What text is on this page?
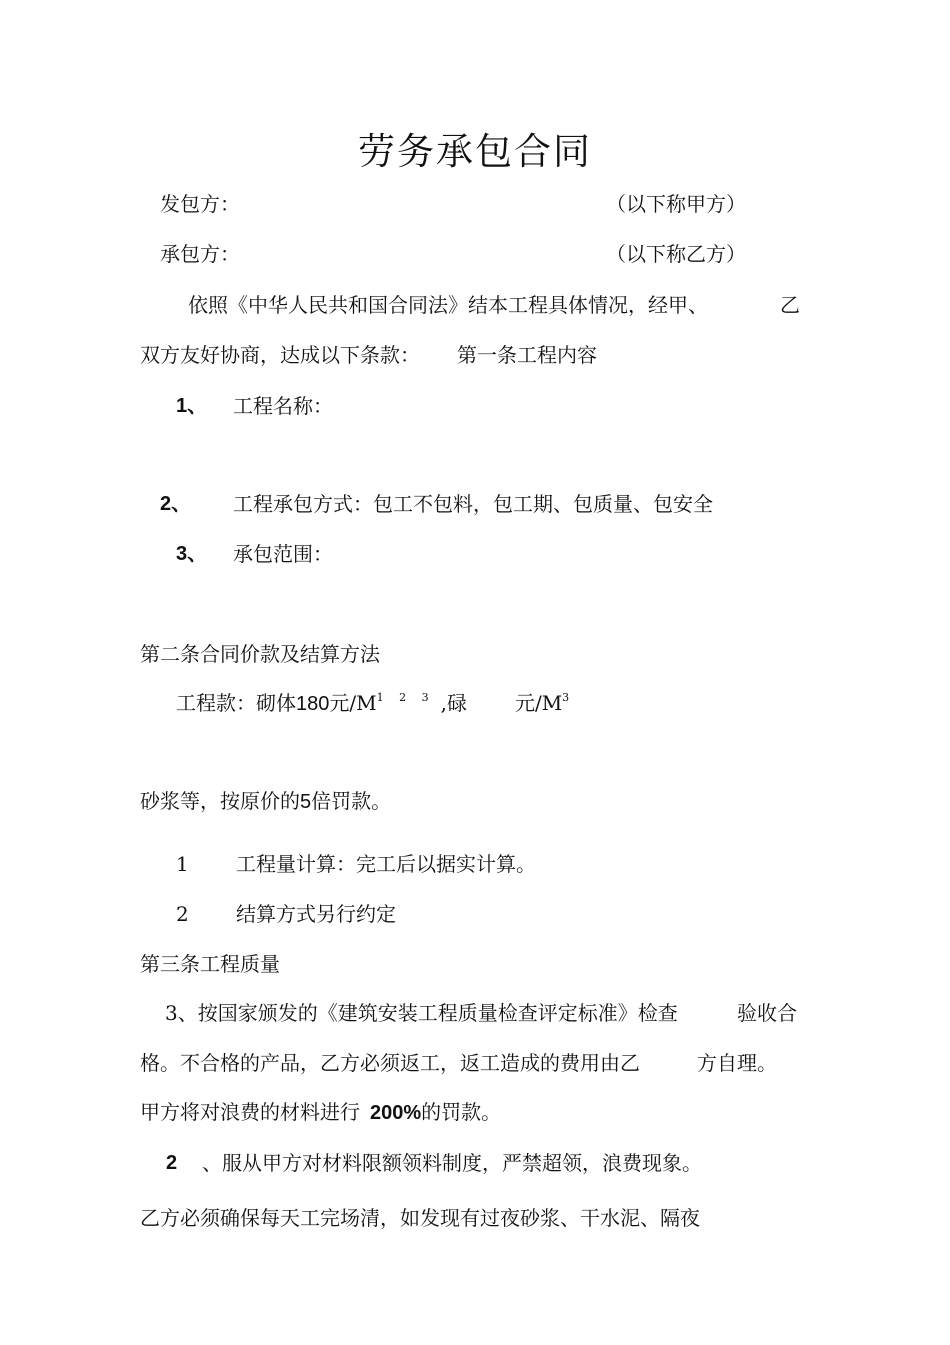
劳务承包合同
发包方：	（以下称甲方）
承包方：	（以下称乙方）
依照《中华人民共和国合同法》结本工程具体情况，经甲、	乙
双方友好协商，达成以下条款： 第一条工程内容
1、 工程名称：
2、 工程承包方式：包工不包料，包工期、包质量、包安全
3、 承包范围：
第二条合同价款及结算方法
工程款：砌体180元$/M^{1 2 3}$ ,碌 元$/M^3$
砂浆等，按原价的5倍罚款。
1 工程量计算：完工后以据实计算。
2 结算方式另行约定
第三条工程质量
3、按国家颁发的《建筑安装工程质量检查评定标准》检查	验收合
格。不合格的产品，乙方必须返工，返工造成的费用由乙	方自理。
甲方将对浪费的材料进行 200%的罚款。
2 、服从甲方对材料限额领料制度，严禁超领，浪费现象。
乙方必须确保每天工完场清，如发现有过夜砂浆、干水泥、隔夜
